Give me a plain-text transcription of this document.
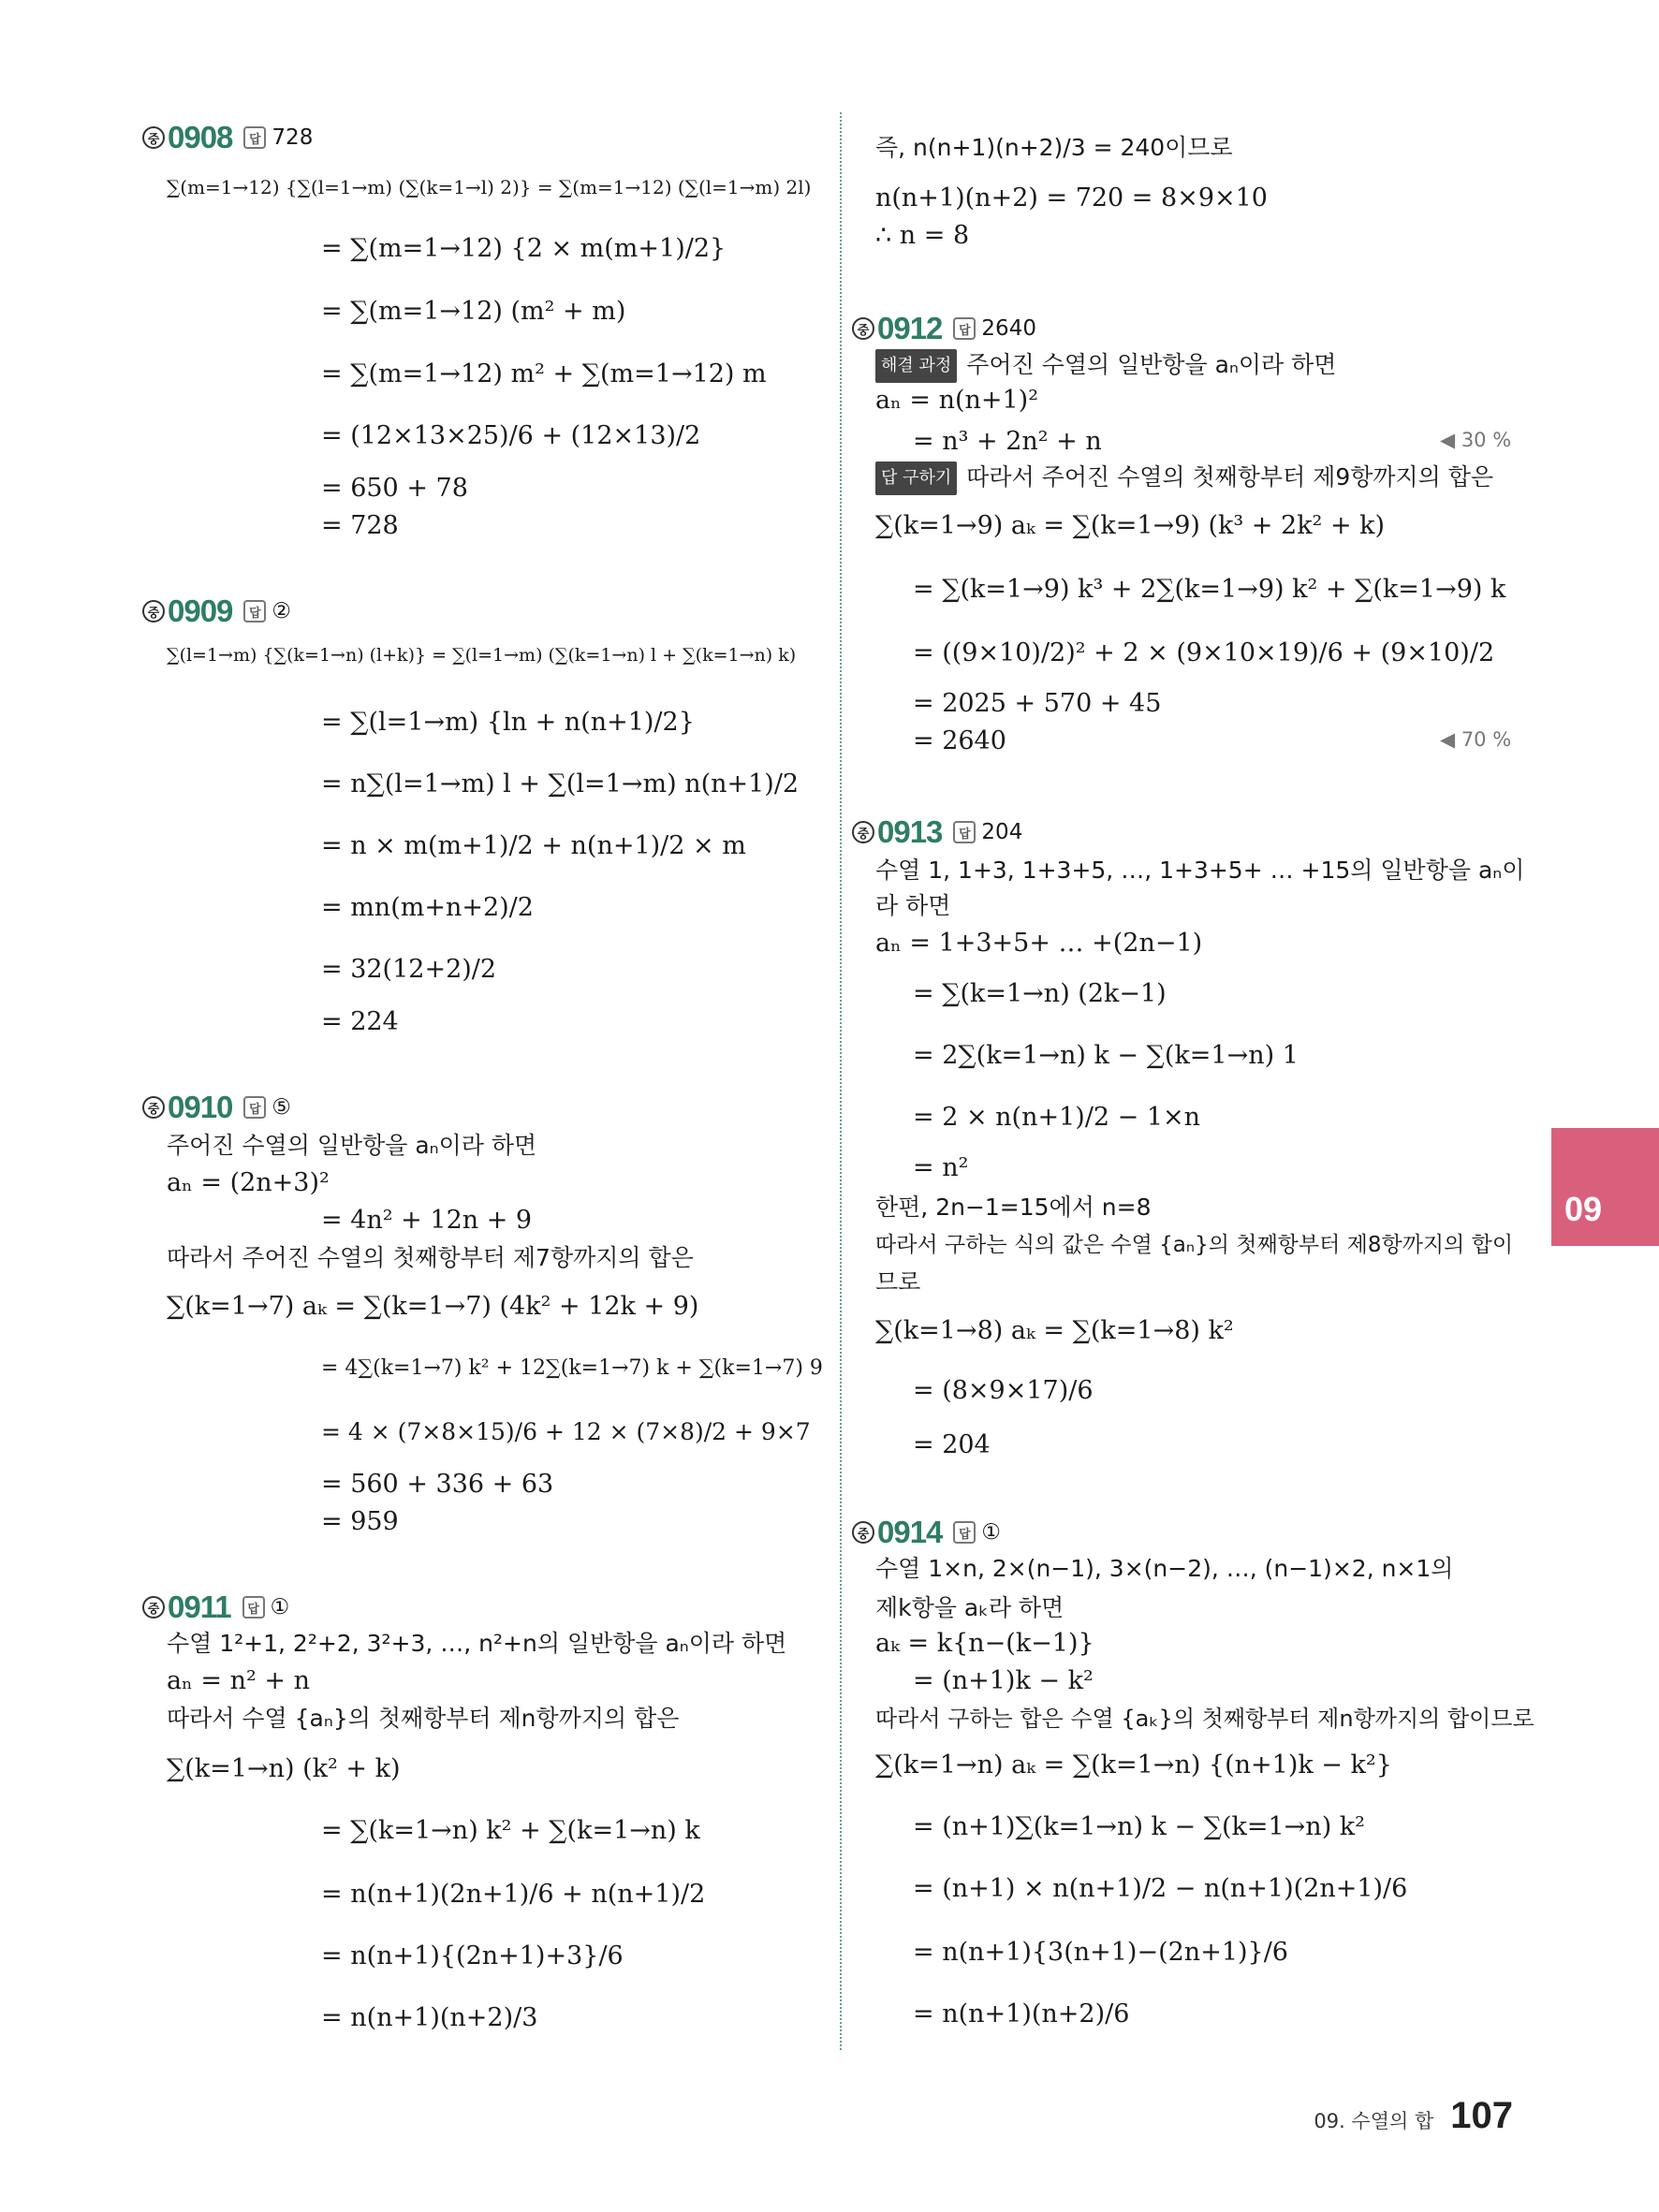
중 0908	답 728
∑(m=1→12) {∑(l=1→m) (∑(k=1→l) 2)} = ∑(m=1→12) (∑(l=1→m) 2l)
= ∑(m=1→12) {2 × m(m+1)/2}
= ∑(m=1→12) (m² + m)
= ∑(m=1→12) m² + ∑(m=1→12) m
= (12×13×25)/6 + (12×13)/2
= 650 + 78
= 728
중 0909	답 ②
∑(l=1→m) {∑(k=1→n) (l+k)} = ∑(l=1→m) (∑(k=1→n) l + ∑(k=1→n) k)
= ∑(l=1→m) {ln + n(n+1)/2}
= n∑(l=1→m) l + ∑(l=1→m) n(n+1)/2
= n × m(m+1)/2 + n(n+1)/2 × m
= mn(m+n+2)/2
= 32(12+2)/2
= 224
중 0910	답 ⑤
주어진 수열의 일반항을 aₙ이라 하면
aₙ = (2n+3)²
= 4n² + 12n + 9
따라서 주어진 수열의 첫째항부터 제7항까지의 합은
∑(k=1→7) aₖ = ∑(k=1→7) (4k² + 12k + 9)
= 4∑(k=1→7) k² + 12∑(k=1→7) k + ∑(k=1→7) 9
= 4 × (7×8×15)/6 + 12 × (7×8)/2 + 9×7
= 560 + 336 + 63
= 959
중 0911	답 ①
수열 1²+1, 2²+2, 3²+3, …, n²+n의 일반항을 aₙ이라 하면
aₙ = n² + n
따라서 수열 {aₙ}의 첫째항부터 제n항까지의 합은
∑(k=1→n) (k² + k)
= ∑(k=1→n) k² + ∑(k=1→n) k
= n(n+1)(2n+1)/6 + n(n+1)/2
= n(n+1){(2n+1)+3}/6
= n(n+1)(n+2)/3
즉, n(n+1)(n+2)/3 = 240이므로
n(n+1)(n+2) = 720 = 8×9×10
∴ n = 8
중 0912	답 2640
해결 과정 주어진 수열의 일반항을 aₙ이라 하면
aₙ = n(n+1)²
= n³ + 2n² + n
답 구하기 따라서 주어진 수열의 첫째항부터 제9항까지의 합은
∑(k=1→9) aₖ = ∑(k=1→9) (k³ + 2k² + k)
= ∑(k=1→9) k³ + 2∑(k=1→9) k² + ∑(k=1→9) k
= ((9×10)/2)² + 2 × (9×10×19)/6 + (9×10)/2
= 2025 + 570 + 45
= 2640
중 0913	답 204
수열 1, 1+3, 1+3+5, …, 1+3+5+ … +15의 일반항을 aₙ이
라 하면
aₙ = 1+3+5+ … +(2n−1)
= ∑(k=1→n) (2k−1)
= 2∑(k=1→n) k − ∑(k=1→n) 1
= 2 × n(n+1)/2 − 1×n
= n²
한편, 2n−1=15에서 n=8
따라서 구하는 식의 값은 수열 {aₙ}의 첫째항부터 제8항까지의 합이
므로
∑(k=1→8) aₖ = ∑(k=1→8) k²
= (8×9×17)/6
= 204
중 0914	답 ①
수열 1×n, 2×(n−1), 3×(n−2), …, (n−1)×2, n×1의
제k항을 aₖ라 하면
aₖ = k{n−(k−1)}
= (n+1)k − k²
따라서 구하는 합은 수열 {aₖ}의 첫째항부터 제n항까지의 합이므로
∑(k=1→n) aₖ = ∑(k=1→n) {(n+1)k − k²}
= (n+1)∑(k=1→n) k − ∑(k=1→n) k²
= (n+1) × n(n+1)/2 − n(n+1)(2n+1)/6
= n(n+1){3(n+1)−(2n+1)}/6
= n(n+1)(n+2)/6
09
09. 수열의 합 107
◀ 30 %
◀ 70 %
